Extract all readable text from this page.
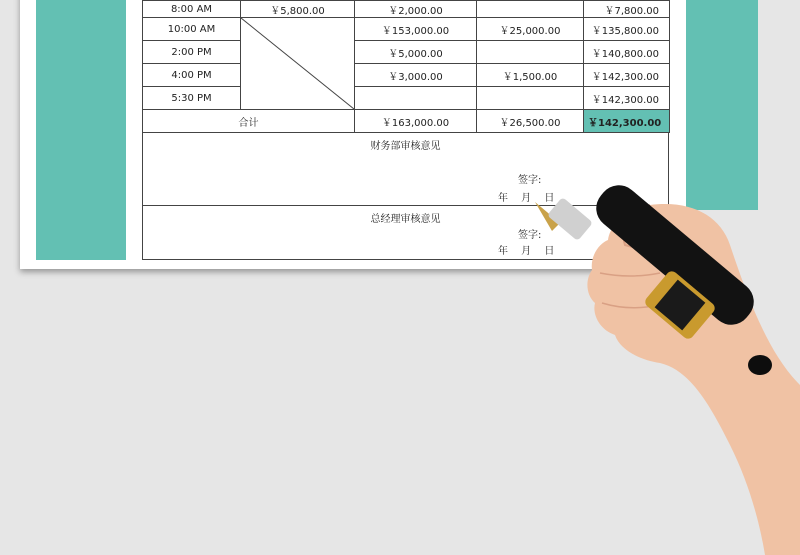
8:00 AM	￥5,800.00	￥2,000.00		￥7,800.00
10:00 AM		￥153,000.00	￥25,000.00	￥135,800.00
2:00 PM		￥5,000.00		￥140,800.00
4:00 PM		￥3,000.00	￥1,500.00	￥142,300.00
5:30 PM				￥142,300.00
合计		￥163,000.00	￥26,500.00	￥142,300.00
财务部审核意见
签字:
年 月 日
总经理审核意见
签字:
年 月 日
